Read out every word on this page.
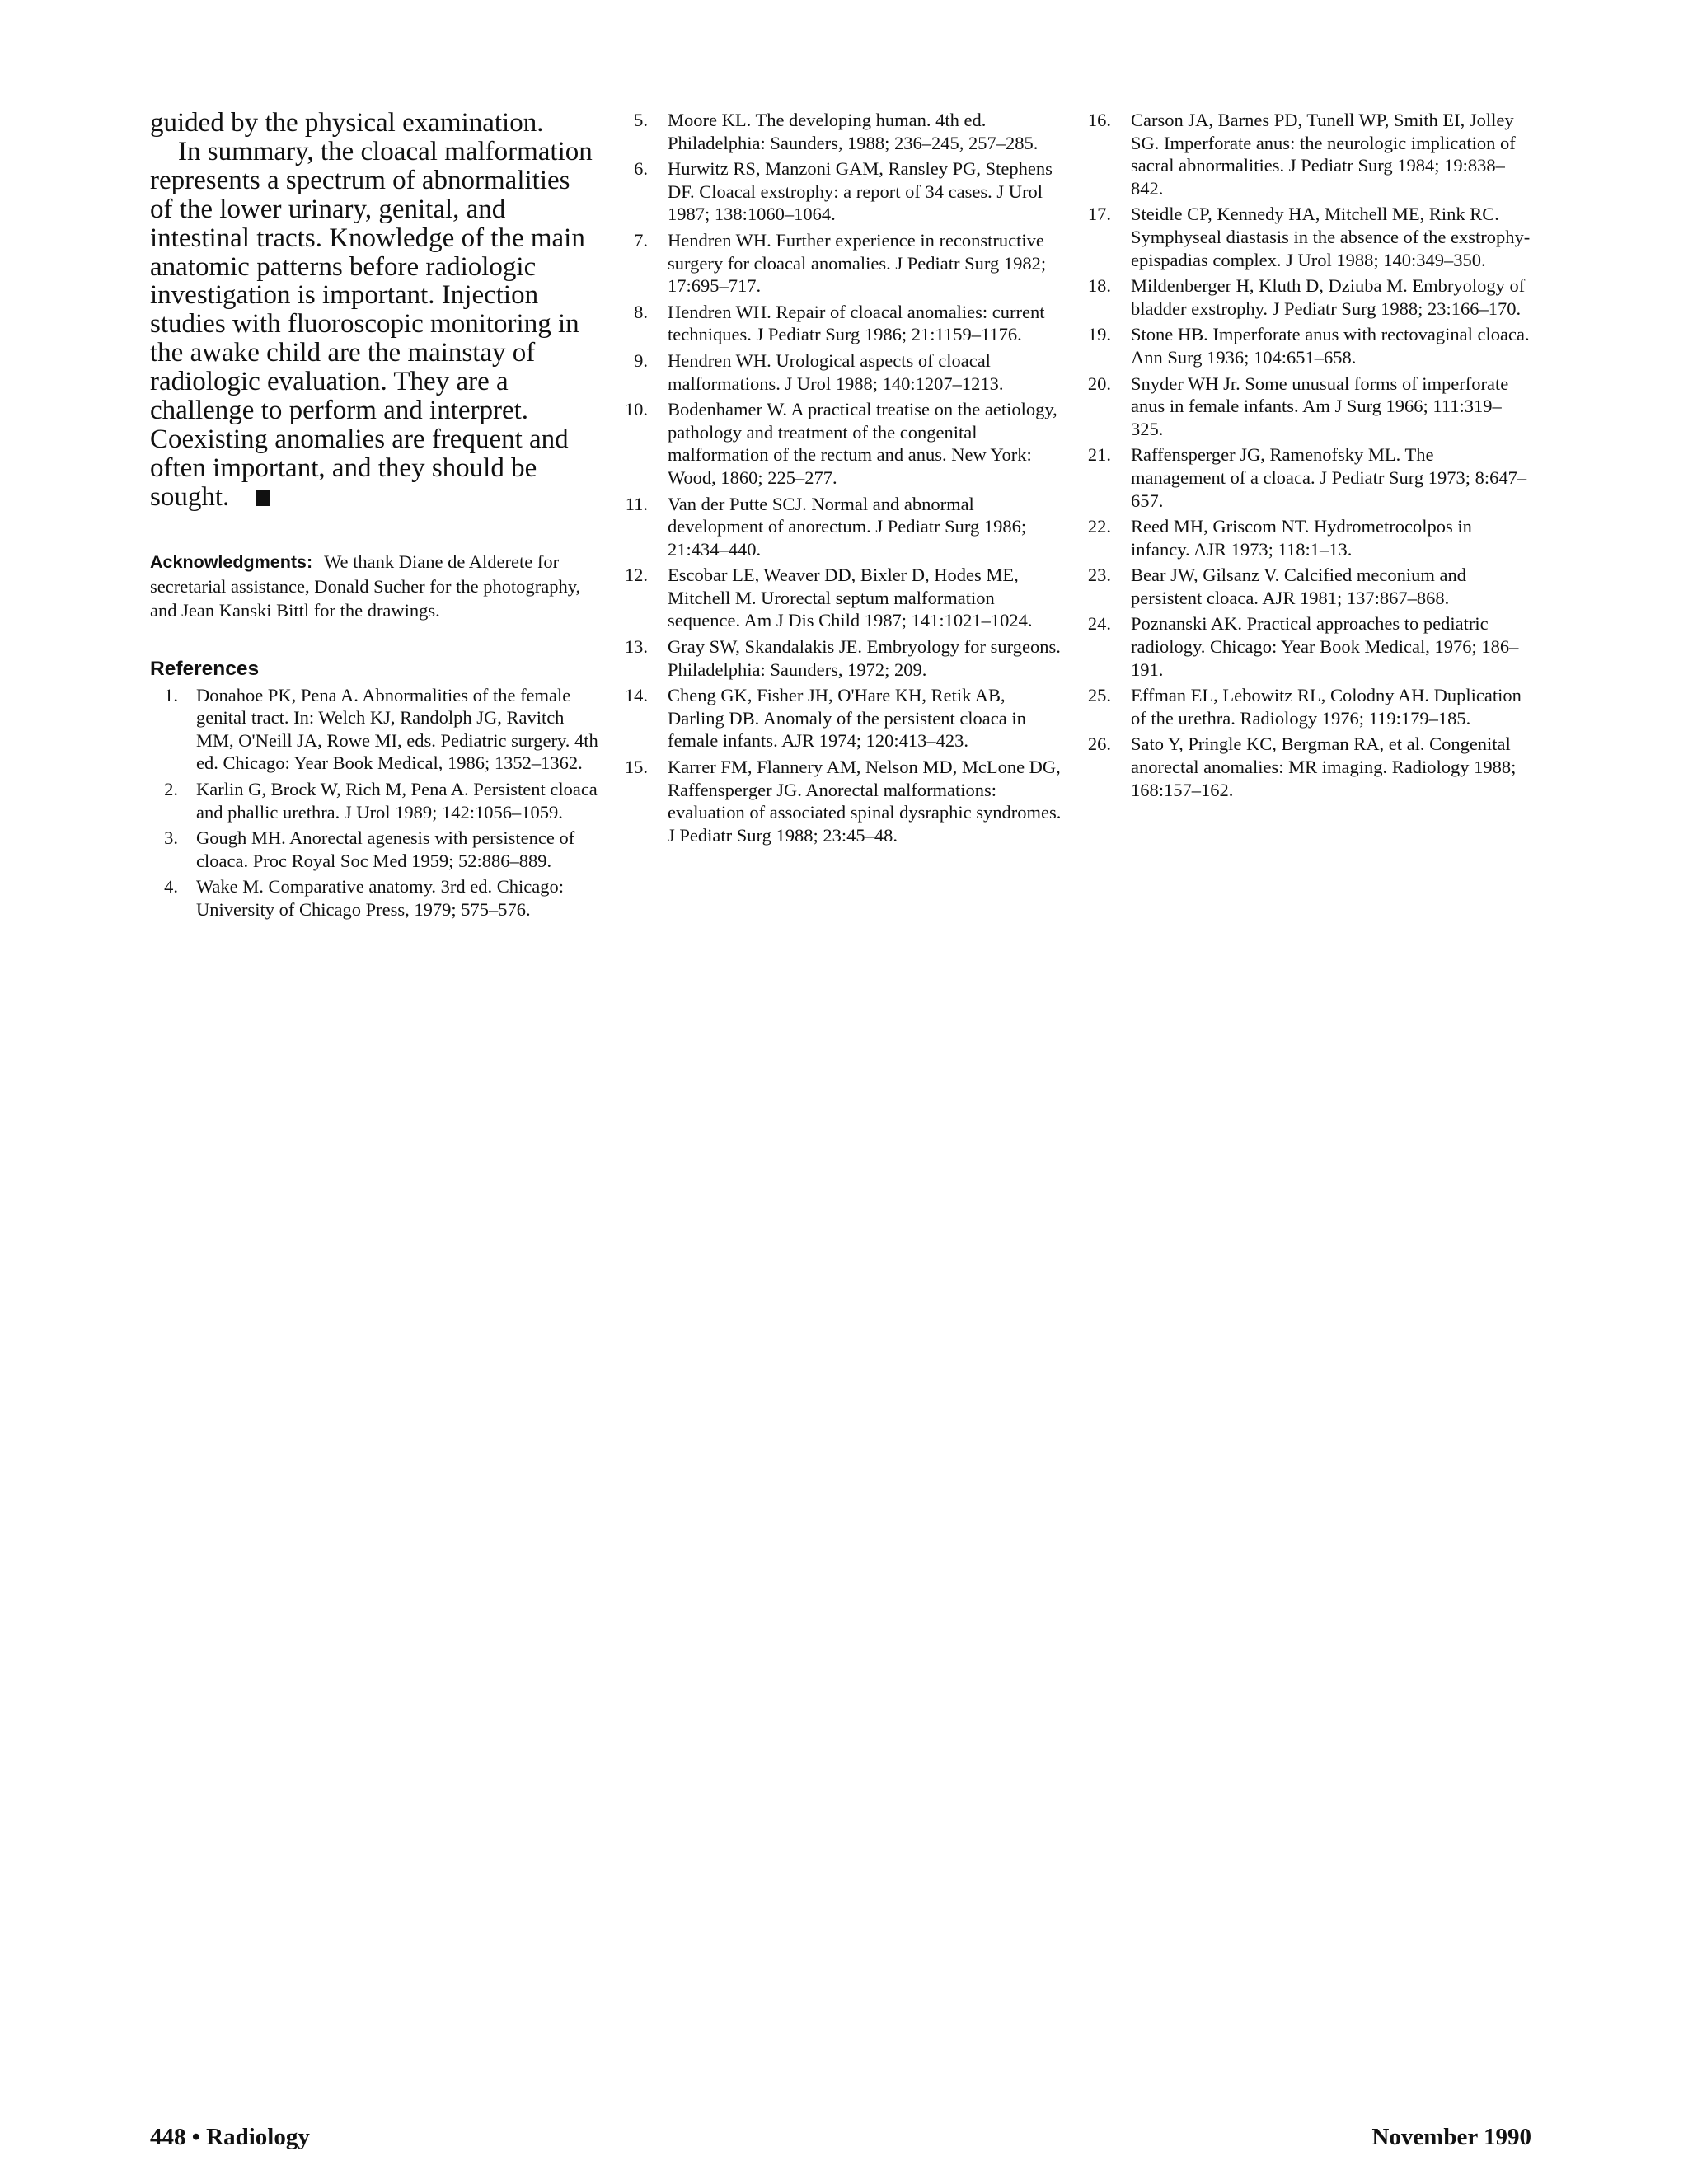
guided by the physical examination.

In summary, the cloacal malformation represents a spectrum of abnormalities of the lower urinary, genital, and intestinal tracts. Knowledge of the main anatomic patterns before radiologic investigation is important. Injection studies with fluoroscopic monitoring in the awake child are the mainstay of radiologic evaluation. They are a challenge to perform and interpret. Coexisting anomalies are frequent and often important, and they should be sought.

Acknowledgments: We thank Diane de Alderete for secretarial assistance, Donald Sucher for the photography, and Jean Kanski Bittl for the drawings.

References
1. Donahoe PK, Pena A. Abnormalities of the female genital tract. In: Welch KJ, Randolph JG, Ravitch MM, O'Neill JA, Rowe MI, eds. Pediatric surgery. 4th ed. Chicago: Year Book Medical, 1986; 1352–1362.
2. Karlin G, Brock W, Rich M, Pena A. Persistent cloaca and phallic urethra. J Urol 1989; 142:1056–1059.
3. Gough MH. Anorectal agenesis with persistence of cloaca. Proc Royal Soc Med 1959; 52:886–889.
4. Wake M. Comparative anatomy. 3rd ed. Chicago: University of Chicago Press, 1979; 575–576.
5. Moore KL. The developing human. 4th ed. Philadelphia: Saunders, 1988; 236–245, 257–285.
6. Hurwitz RS, Manzoni GAM, Ransley PG, Stephens DF. Cloacal exstrophy: a report of 34 cases. J Urol 1987; 138:1060–1064.
7. Hendren WH. Further experience in reconstructive surgery for cloacal anomalies. J Pediatr Surg 1982; 17:695–717.
8. Hendren WH. Repair of cloacal anomalies: current techniques. J Pediatr Surg 1986; 21:1159–1176.
9. Hendren WH. Urological aspects of cloacal malformations. J Urol 1988; 140:1207–1213.
10. Bodenhamer W. A practical treatise on the aetiology, pathology and treatment of the congenital malformation of the rectum and anus. New York: Wood, 1860; 225–277.
11. Van der Putte SCJ. Normal and abnormal development of anorectum. J Pediatr Surg 1986; 21:434–440.
12. Escobar LE, Weaver DD, Bixler D, Hodes ME, Mitchell M. Urorectal septum malformation sequence. Am J Dis Child 1987; 141:1021–1024.
13. Gray SW, Skandalakis JE. Embryology for surgeons. Philadelphia: Saunders, 1972; 209.
14. Cheng GK, Fisher JH, O'Hare KH, Retik AB, Darling DB. Anomaly of the persistent cloaca in female infants. AJR 1974; 120:413–423.
15. Karrer FM, Flannery AM, Nelson MD, McLone DG, Raffensperger JG. Anorectal malformations: evaluation of associated spinal dysraphic syndromes. J Pediatr Surg 1988; 23:45–48.
16. Carson JA, Barnes PD, Tunell WP, Smith EI, Jolley SG. Imperforate anus: the neurologic implication of sacral abnormalities. J Pediatr Surg 1984; 19:838–842.
17. Steidle CP, Kennedy HA, Mitchell ME, Rink RC. Symphyseal diastasis in the absence of the exstrophy-epispadias complex. J Urol 1988; 140:349–350.
18. Mildenberger H, Kluth D, Dziuba M. Embryology of bladder exstrophy. J Pediatr Surg 1988; 23:166–170.
19. Stone HB. Imperforate anus with rectovaginal cloaca. Ann Surg 1936; 104:651–658.
20. Snyder WH Jr. Some unusual forms of imperforate anus in female infants. Am J Surg 1966; 111:319–325.
21. Raffensperger JG, Ramenofsky ML. The management of a cloaca. J Pediatr Surg 1973; 8:647–657.
22. Reed MH, Griscom NT. Hydrometrocolpos in infancy. AJR 1973; 118:1–13.
23. Bear JW, Gilsanz V. Calcified meconium and persistent cloaca. AJR 1981; 137:867–868.
24. Poznanski AK. Practical approaches to pediatric radiology. Chicago: Year Book Medical, 1976; 186–191.
25. Effman EL, Lebowitz RL, Colodny AH. Duplication of the urethra. Radiology 1976; 119:179–185.
26. Sato Y, Pringle KC, Bergman RA, et al. Congenital anorectal anomalies: MR imaging. Radiology 1988; 168:157–162.
448 • Radiology	November 1990
